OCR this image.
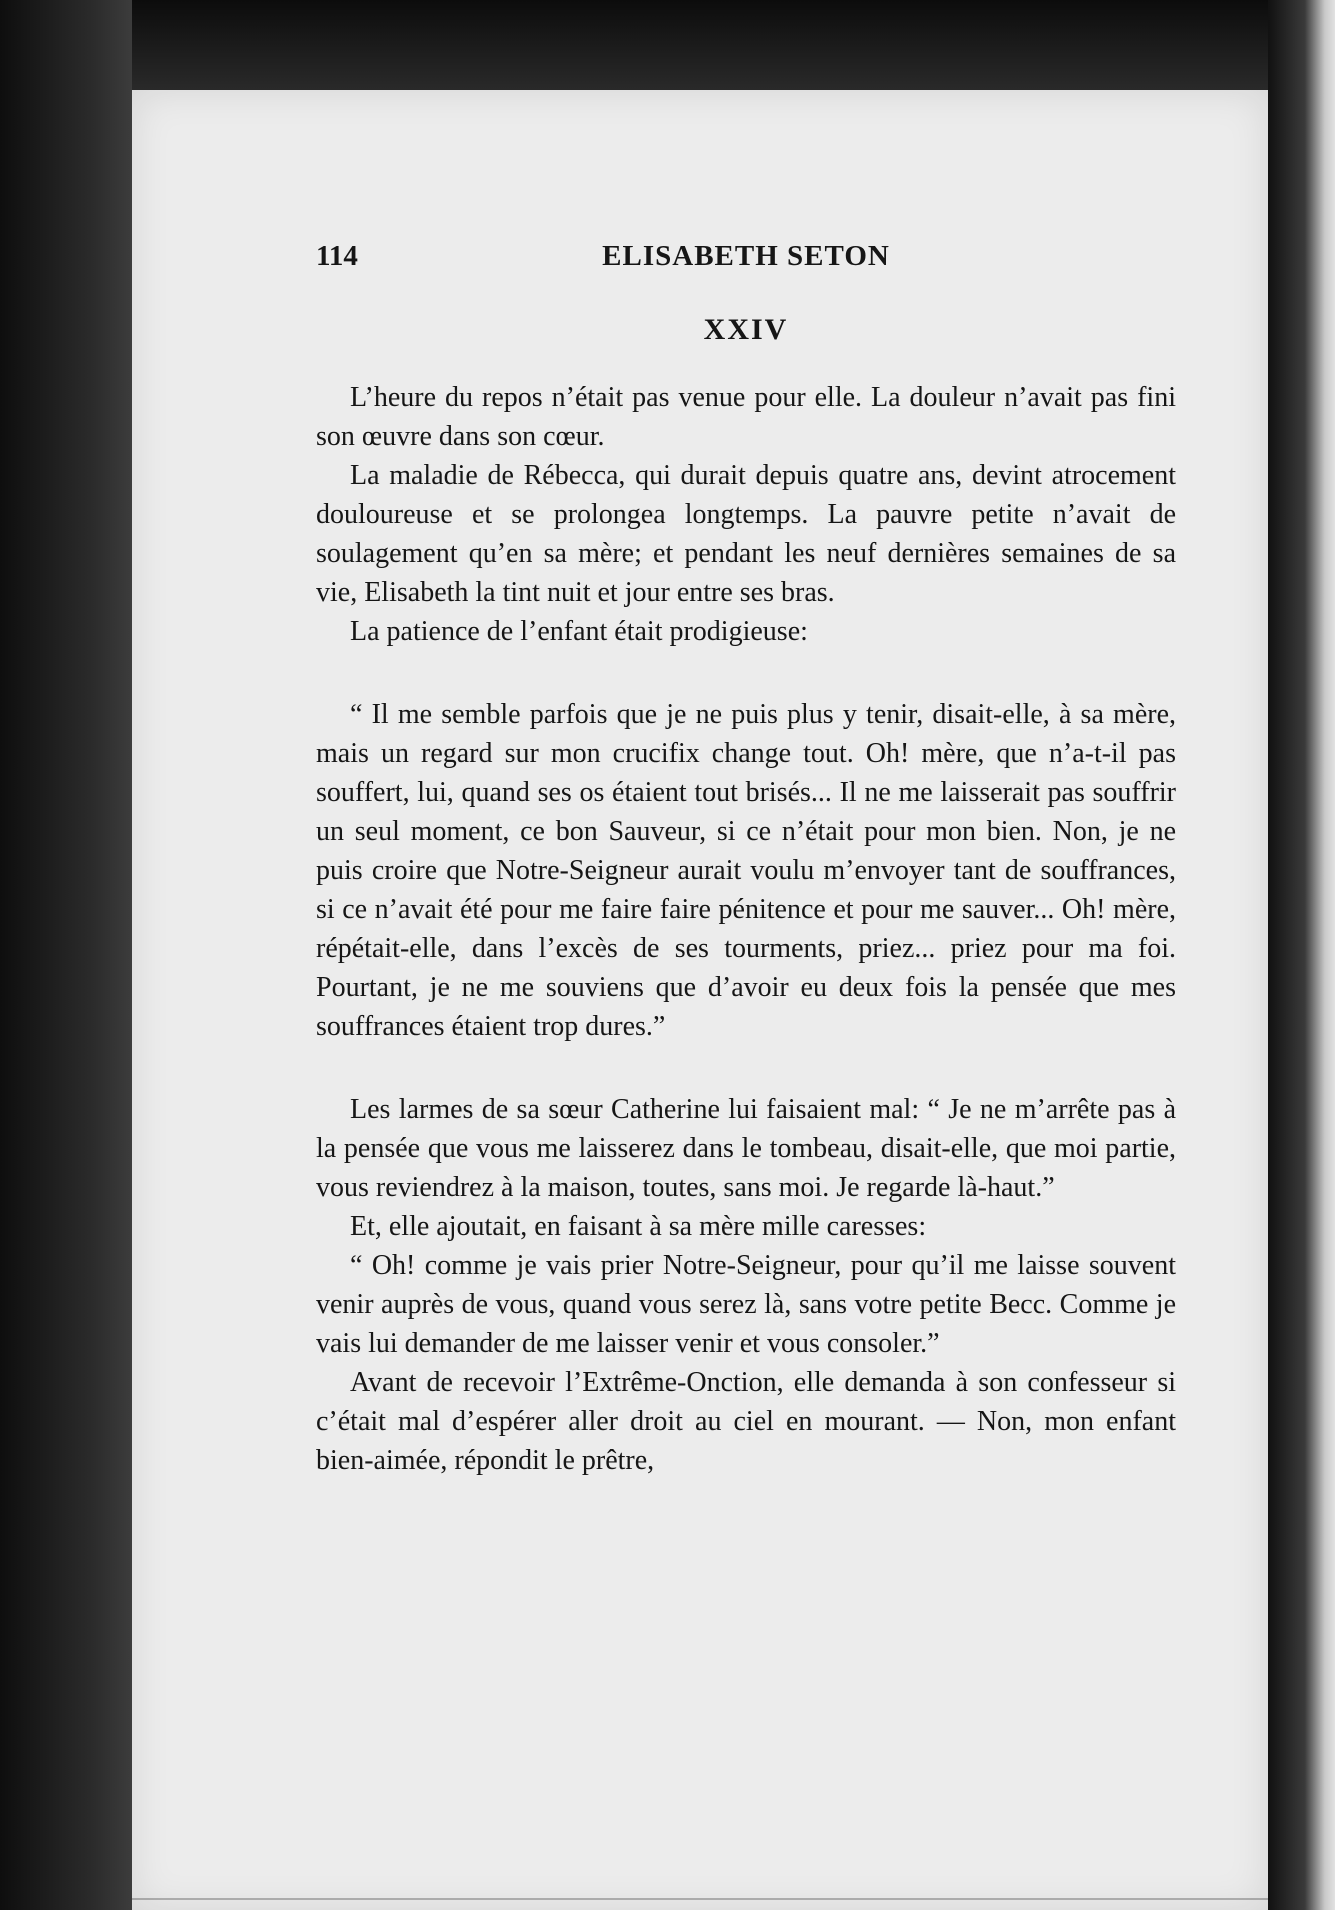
114	ELISABETH SETON
XXIV

L’heure du repos n’était pas venue pour elle. La douleur n’avait pas fini son œuvre dans son cœur.

La maladie de Rébecca, qui durait depuis quatre ans, devint atrocement douloureuse et se prolongea longtemps. La pauvre petite n’avait de soulagement qu’en sa mère; et pendant les neuf dernières semaines de sa vie, Elisabeth la tint nuit et jour entre ses bras.

La patience de l’enfant était prodigieuse:

“ Il me semble parfois que je ne puis plus y tenir, disait-elle, à sa mère, mais un regard sur mon crucifix change tout. Oh! mère, que n’a-t-il pas souffert, lui, quand ses os étaient tout brisés... Il ne me laisserait pas souffrir un seul moment, ce bon Sauveur, si ce n’était pour mon bien. Non, je ne puis croire que Notre-Seigneur aurait voulu m’envoyer tant de souffrances, si ce n’avait été pour me faire faire pénitence et pour me sauver... Oh! mère, répétait-elle, dans l’excès de ses tourments, priez... priez pour ma foi. Pourtant, je ne me souviens que d’avoir eu deux fois la pensée que mes souffrances étaient trop dures.”

Les larmes de sa sœur Catherine lui faisaient mal: “ Je ne m’arrête pas à la pensée que vous me laisserez dans le tombeau, disait-elle, que moi partie, vous reviendrez à la maison, toutes, sans moi. Je regarde là-haut.”

Et, elle ajoutait, en faisant à sa mère mille caresses:

“ Oh! comme je vais prier Notre-Seigneur, pour qu’il me laisse souvent venir auprès de vous, quand vous serez là, sans votre petite Becc. Comme je vais lui demander de me laisser venir et vous consoler.”

Avant de recevoir l’Extrême-Onction, elle demanda à son confesseur si c’était mal d’espérer aller droit au ciel en mourant. — Non, mon enfant bien-aimée, répondit le prêtre,
